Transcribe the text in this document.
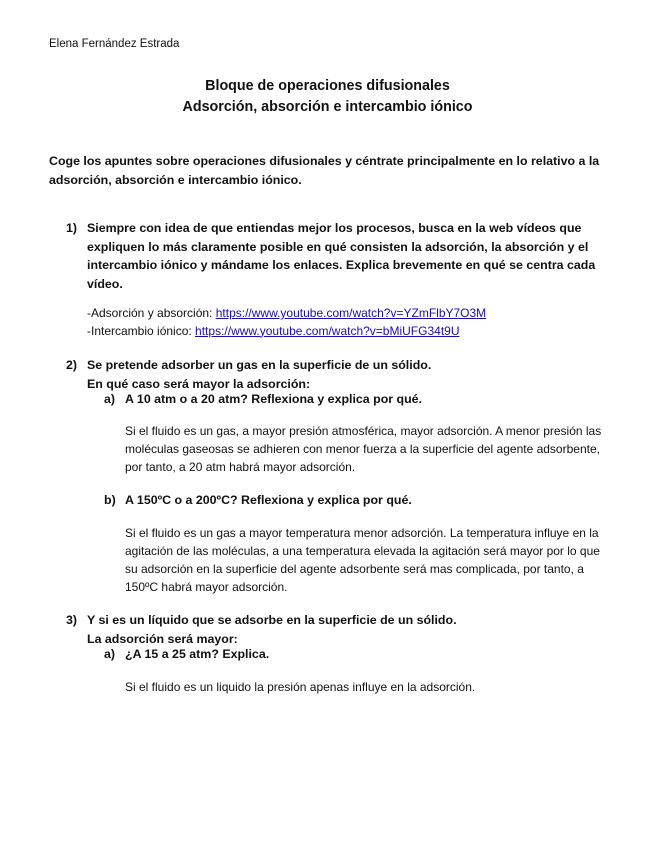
Elena Fernández Estrada
Bloque de operaciones difusionales
Adsorción, absorción e intercambio iónico
Coge los apuntes sobre operaciones difusionales y céntrate principalmente en lo relativo a la adsorción, absorción e intercambio iónico.
1) Siempre con idea de que entiendas mejor los procesos, busca en la web vídeos que expliquen lo más claramente posible en qué consisten la adsorción, la absorción y el intercambio iónico y mándame los enlaces. Explica brevemente en qué se centra cada vídeo.
-Adsorción y absorción: https://www.youtube.com/watch?v=YZmFlbY7O3M
-Intercambio iónico: https://www.youtube.com/watch?v=bMiUFG34t9U
2) Se pretende adsorber un gas en la superficie de un sólido.
En qué caso será mayor la adsorción:
a) A 10 atm o a 20 atm? Reflexiona y explica por qué.
Si el fluido es un gas, a mayor presión atmosférica, mayor adsorción. A menor presión las moléculas gaseosas se adhieren con menor fuerza a la superficie del agente adsorbente, por tanto, a 20 atm habrá mayor adsorción.
b) A 150ºC o a 200ºC? Reflexiona y explica por qué.
Si el fluido es un gas a mayor temperatura menor adsorción. La temperatura influye en la agitación de las moléculas, a una temperatura elevada la agitación será mayor por lo que su adsorción en la superficie del agente adsorbente será mas complicada, por tanto, a 150ºC habrá mayor adsorción.
3) Y si es un líquido que se adsorbe en la superficie de un sólido.
La adsorción será mayor:
a) ¿A 15 a 25 atm? Explica.
Si el fluido es un liquido la presión apenas influye en la adsorción.
